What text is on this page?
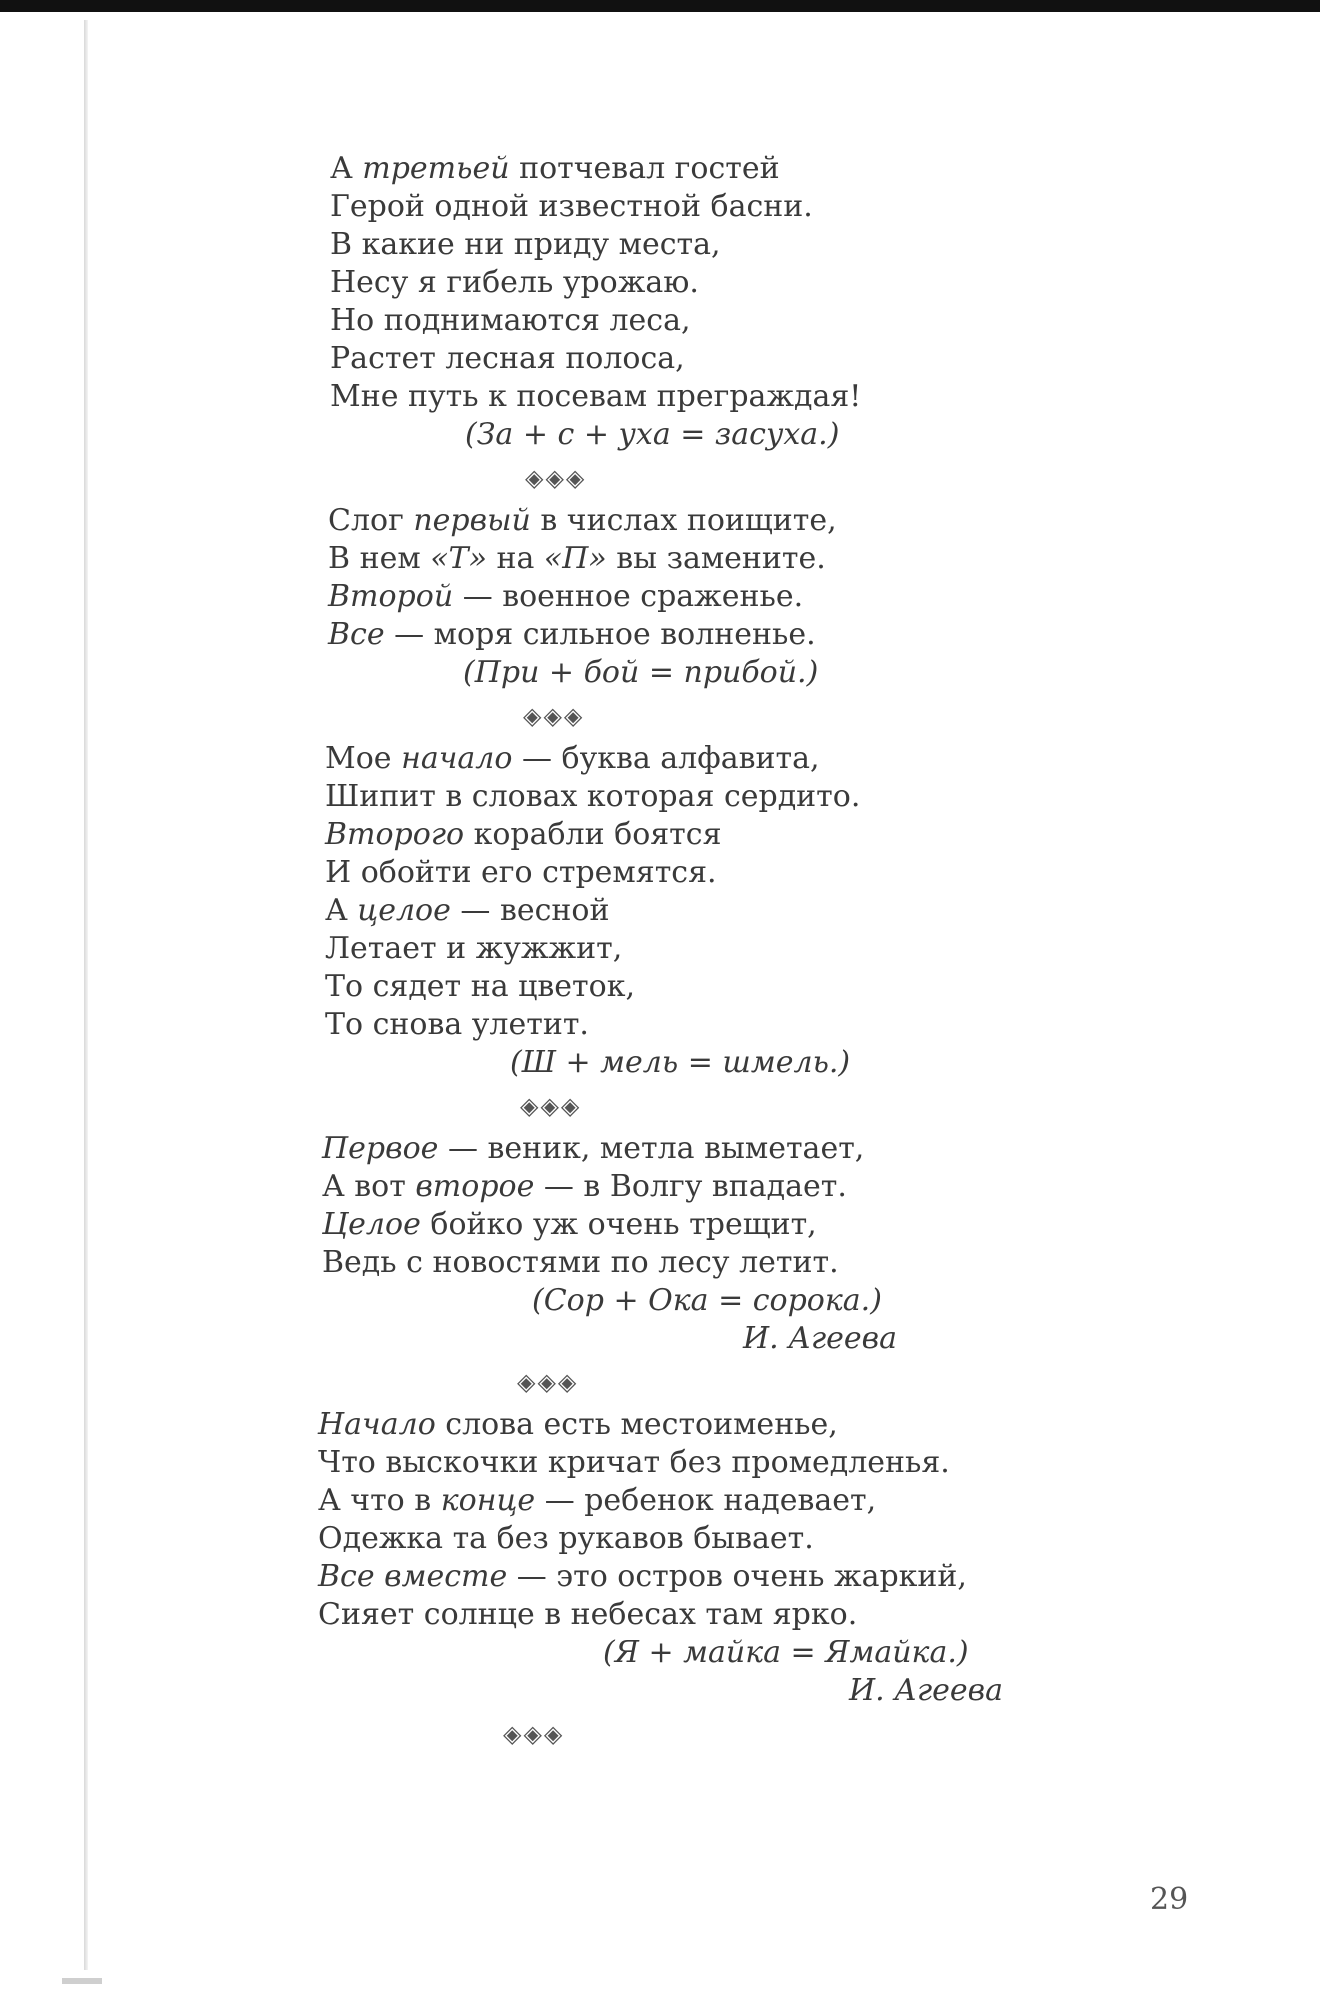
А третьей потчевал гостей
Герой одной известной басни.
В какие ни приду места,
Несу я гибель урожаю.
Но поднимаются леса,
Растет лесная полоса,
Мне путь к посевам преграждая!
(За + с + уха = засуха.)
◈◈◈
Слог первый в числах поищите,
В нем «Т» на «П» вы замените.
Второй — военное сраженье.
Все — моря сильное волненье.
(При + бой = прибой.)
◈◈◈
Мое начало — буква алфавита,
Шипит в словах которая сердито.
Второго корабли боятся
И обойти его стремятся.
А целое — весной
Летает и жужжит,
То сядет на цветок,
То снова улетит.
(Ш + мель = шмель.)
◈◈◈
Первое — веник, метла выметает,
А вот второе — в Волгу впадает.
Целое бойко уж очень трещит,
Ведь с новостями по лесу летит.
(Сор + Ока = сорока.)
И. Агеева
◈◈◈
Начало слова есть местоименье,
Что выскочки кричат без промедленья.
А что в конце — ребенок надевает,
Одежка та без рукавов бывает.
Все вместе — это остров очень жаркий,
Сияет солнце в небесах там ярко.
(Я + майка = Ямайка.)
И. Агеева
◈◈◈
29
